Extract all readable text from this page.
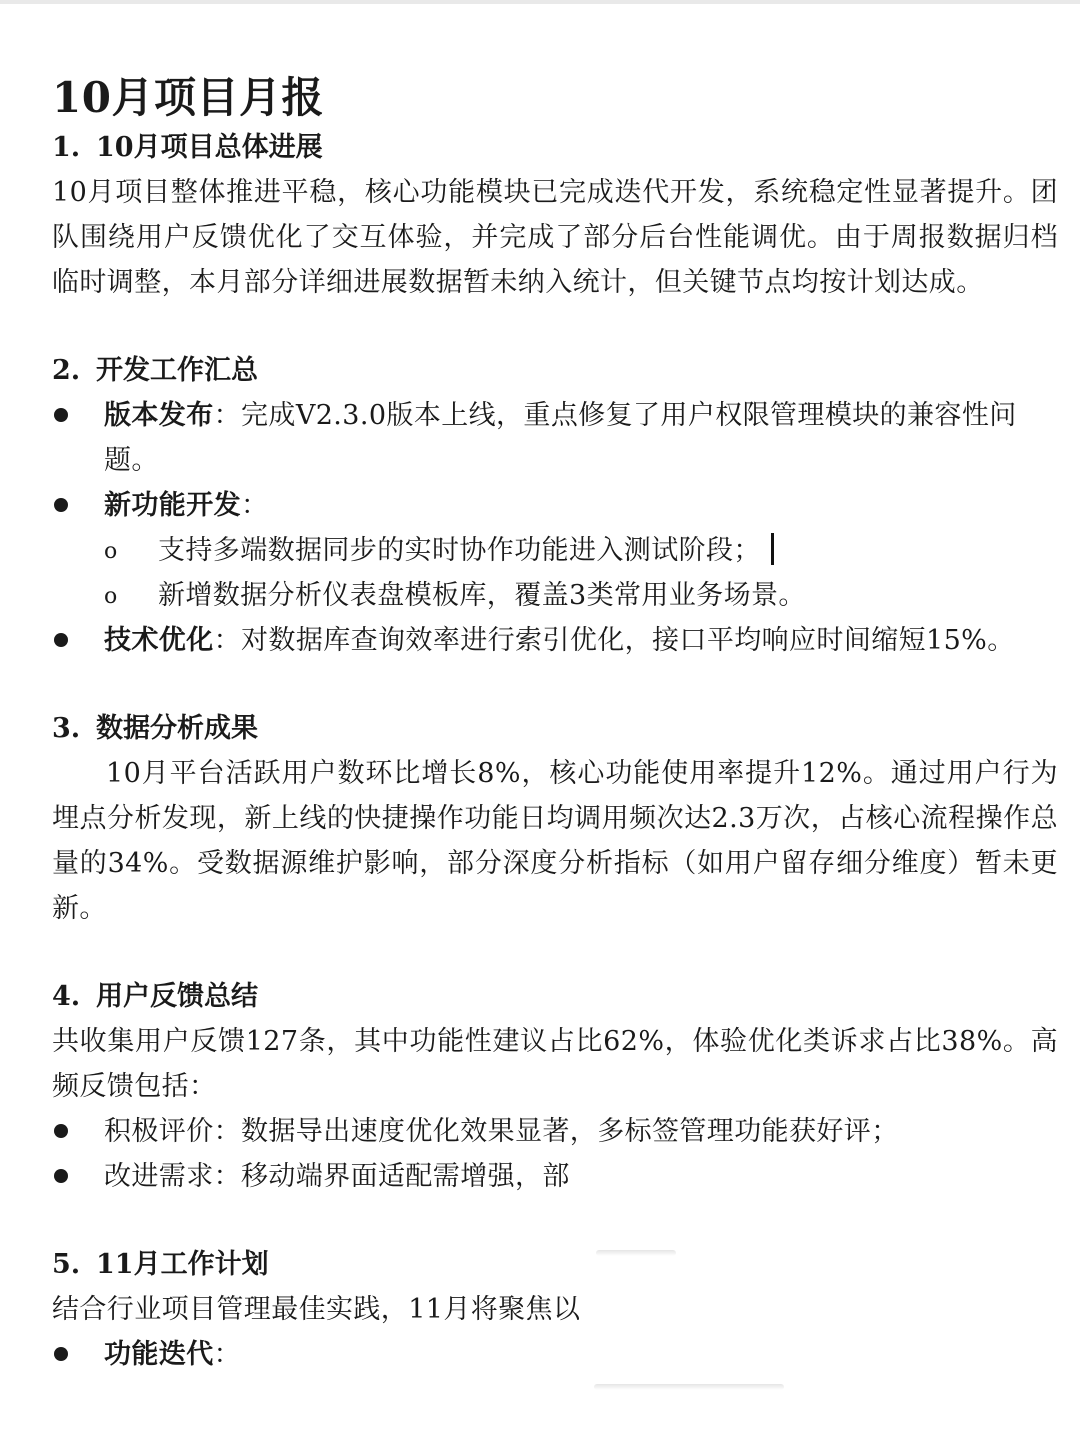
10月项目月报
1. 10月项目总体进展

10月项目整体推进平稳，核心功能模块已完成迭代开发，系统稳定性显著提升。团队围绕用户反馈优化了交互体验，并完成了部分后台性能调优。由于周报数据归档临时调整，本月部分详细进展数据暂未纳入统计，但关键节点均按计划达成。

2. 开发工作汇总
版本发布：完成V2.3.0版本上线，重点修复了用户权限管理模块的兼容性问题。
新功能开发：
o 支持多端数据同步的实时协作功能进入测试阶段；
o 新增数据分析仪表盘模板库，覆盖3类常用业务场景。
技术优化：对数据库查询效率进行索引优化，接口平均响应时间缩短15%。
3. 数据分析成果

10月平台活跃用户数环比增长8%，核心功能使用率提升12%。通过用户行为埋点分析发现，新上线的快捷操作功能日均调用频次达2.3万次，占核心流程操作总量的34%。受数据源维护影响，部分深度分析指标（如用户留存细分维度）暂未更新。

4. 用户反馈总结

共收集用户反馈127条，其中功能性建议占比62%，体验优化类诉求占比38%。高频反馈包括：

积极评价：数据导出速度优化效果显著，多标签管理功能获好评；
改进需求：移动端界面适配需增强，部
5. 11月工作计划

结合行业项目管理最佳实践，11月将聚焦以

功能迭代：
